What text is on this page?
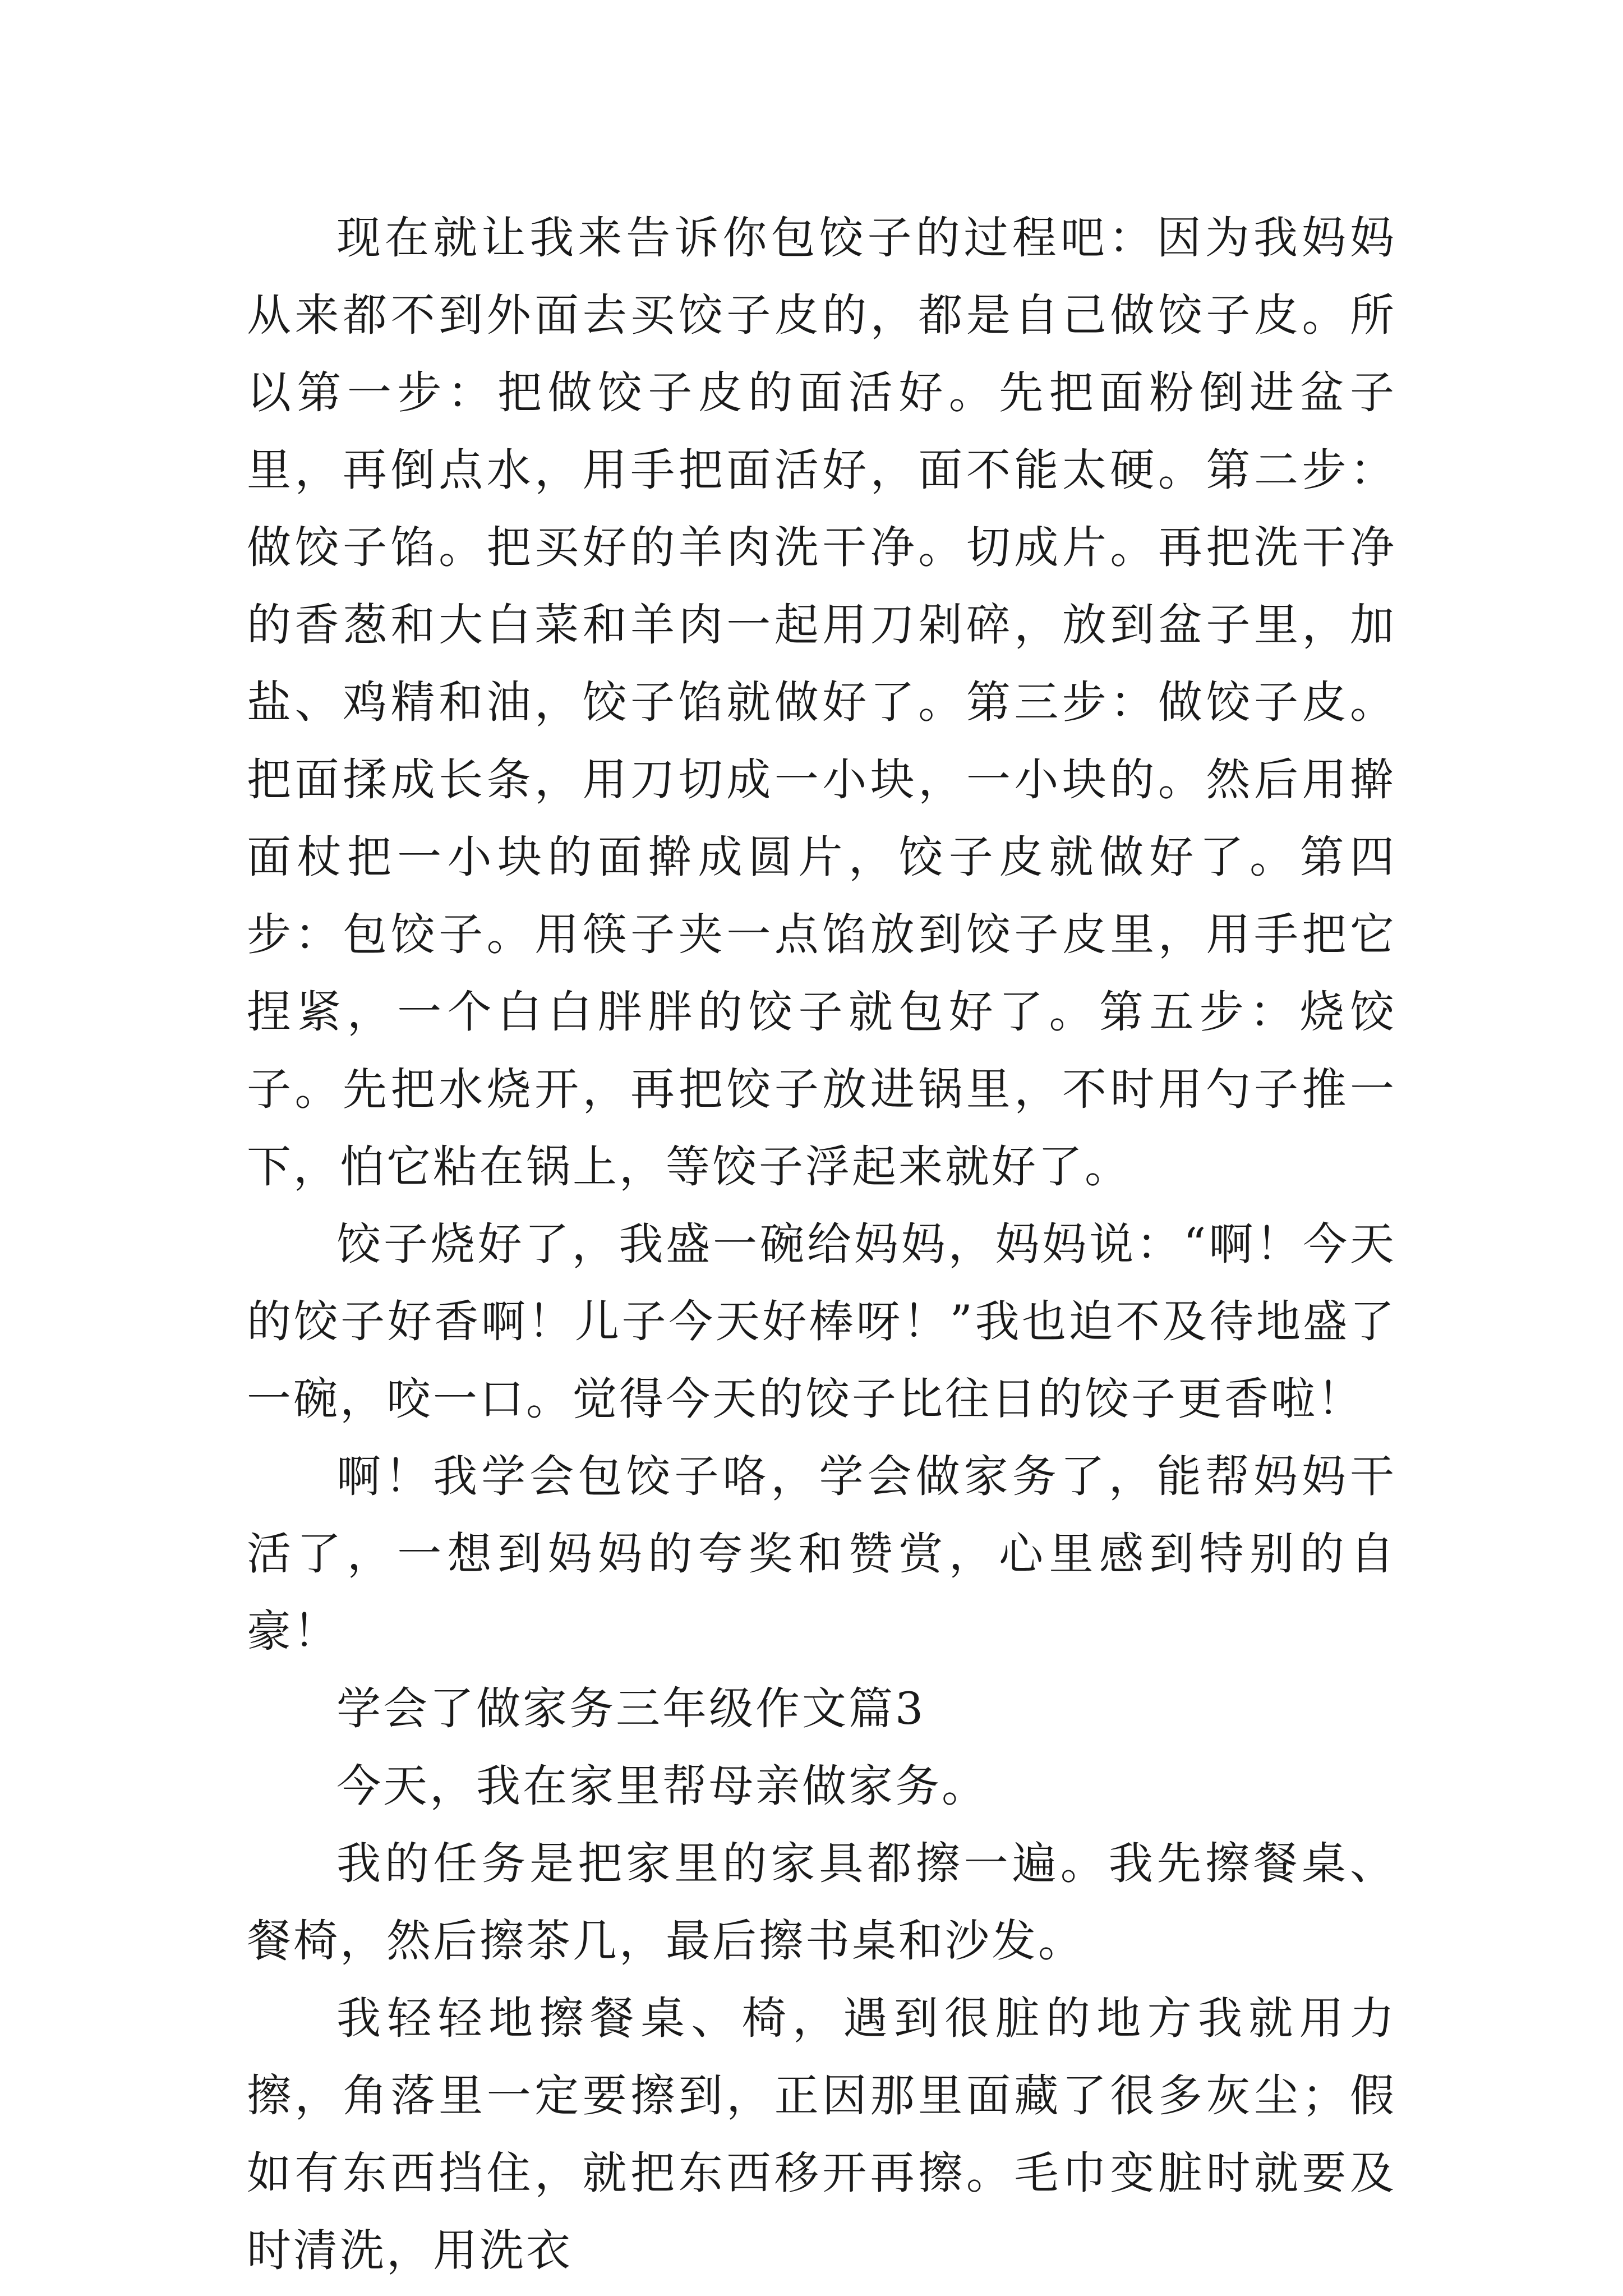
现在就让我来告诉你包饺子的过程吧：因为我妈妈从来都不到外面去买饺子皮的，都是自己做饺子皮。所以第一步：把做饺子皮的面活好。先把面粉倒进盆子里，再倒点水，用手把面活好，面不能太硬。第二步：做饺子馅。把买好的羊肉洗干净。切成片。再把洗干净的香葱和大白菜和羊肉一起用刀剁碎，放到盆子里，加盐、鸡精和油，饺子馅就做好了。第三步：做饺子皮。把面揉成长条，用刀切成一小块，一小块的。然后用擀面杖把一小块的面擀成圆片，饺子皮就做好了。第四步：包饺子。用筷子夹一点馅放到饺子皮里，用手把它捏紧，一个白白胖胖的饺子就包好了。第五步：烧饺子。先把水烧开，再把饺子放进锅里，不时用勺子推一下，怕它粘在锅上，等饺子浮起来就好了。

饺子烧好了，我盛一碗给妈妈，妈妈说：“啊！今天的饺子好香啊！儿子今天好棒呀！”我也迫不及待地盛了一碗，咬一口。觉得今天的饺子比往日的饺子更香啦！

啊！我学会包饺子咯，学会做家务了，能帮妈妈干活了，一想到妈妈的夸奖和赞赏，心里感到特别的自豪！

学会了做家务三年级作文篇3

今天，我在家里帮母亲做家务。

我的任务是把家里的家具都擦一遍。我先擦餐桌、餐椅，然后擦茶几，最后擦书桌和沙发。

我轻轻地擦餐桌、椅，遇到很脏的地方我就用力擦，角落里一定要擦到，正因那里面藏了很多灰尘；假如有东西挡住，就把东西移开再擦。毛巾变脏时就要及时清洗，用洗衣
